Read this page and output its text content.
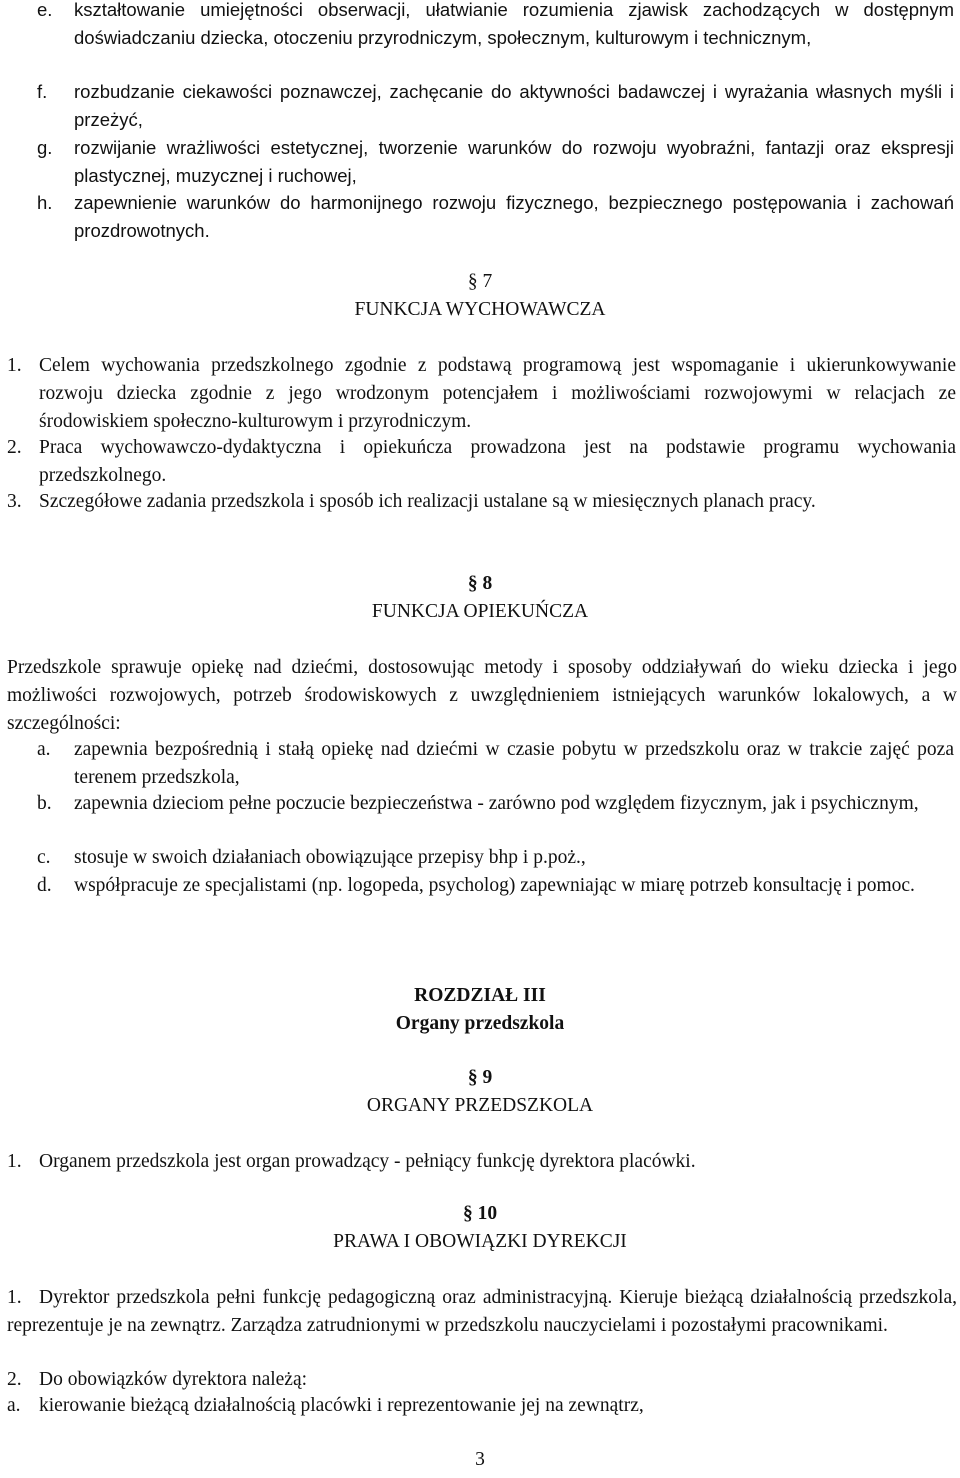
e. kształtowanie umiejętności obserwacji, ułatwianie rozumienia zjawisk zachodzących w dostępnym doświadczaniu dziecka, otoczeniu przyrodniczym, społecznym, kulturowym i technicznym,
f. rozbudzanie ciekawości poznawczej, zachęcanie do aktywności badawczej i wyrażania własnych myśli i przeżyć,
g. rozwijanie wrażliwości estetycznej, tworzenie warunków do rozwoju wyobraźni, fantazji oraz ekspresji plastycznej, muzycznej i ruchowej,
h. zapewnienie warunków do harmonijnego rozwoju fizycznego, bezpiecznego postępowania i zachowań prozdrowotnych.
§ 7
FUNKCJA WYCHOWAWCZA
1. Celem wychowania przedszkolnego zgodnie z podstawą programową jest wspomaganie i ukierunkowywanie rozwoju dziecka zgodnie z jego wrodzonym potencjałem i możliwościami rozwojowymi w relacjach ze środowiskiem społeczno-kulturowym i przyrodniczym.
2. Praca wychowawczo-dydaktyczna i opiekuńcza prowadzona jest na podstawie programu wychowania przedszkolnego.
3. Szczegółowe zadania przedszkola i sposób ich realizacji ustalane są w miesięcznych planach pracy.
§ 8
FUNKCJA OPIEKUŃCZA
Przedszkole sprawuje opiekę nad dziećmi, dostosowując metody i sposoby oddziaływań do wieku dziecka i jego możliwości rozwojowych, potrzeb środowiskowych z uwzględnieniem istniejących warunków lokalowych, a w szczególności:
a. zapewnia bezpośrednią i stałą opiekę nad dziećmi w czasie pobytu w przedszkolu oraz w trakcie zajęć poza terenem przedszkola,
b. zapewnia dzieciom pełne poczucie bezpieczeństwa - zarówno pod względem fizycznym, jak i psychicznym,
c. stosuje w swoich działaniach obowiązujące przepisy bhp i p.poż.,
d. współpracuje ze specjalistami (np. logopeda, psycholog) zapewniając w miarę potrzeb konsultację i pomoc.
ROZDZIAŁ III
Organy przedszkola
§ 9
ORGANY PRZEDSZKOLA
1. Organem przedszkola jest organ prowadzący - pełniący funkcję dyrektora placówki.
§ 10
PRAWA I OBOWIĄZKI DYREKCJI
1. Dyrektor przedszkola pełni funkcję pedagogiczną oraz administracyjną. Kieruje bieżącą działalnością przedszkola, reprezentuje je na zewnątrz. Zarządza zatrudnionymi w przedszkolu nauczycielami i pozostałymi pracownikami.
2. Do obowiązków dyrektora należą:
a. kierowanie bieżącą działalnością placówki i reprezentowanie jej na zewnątrz,
3
